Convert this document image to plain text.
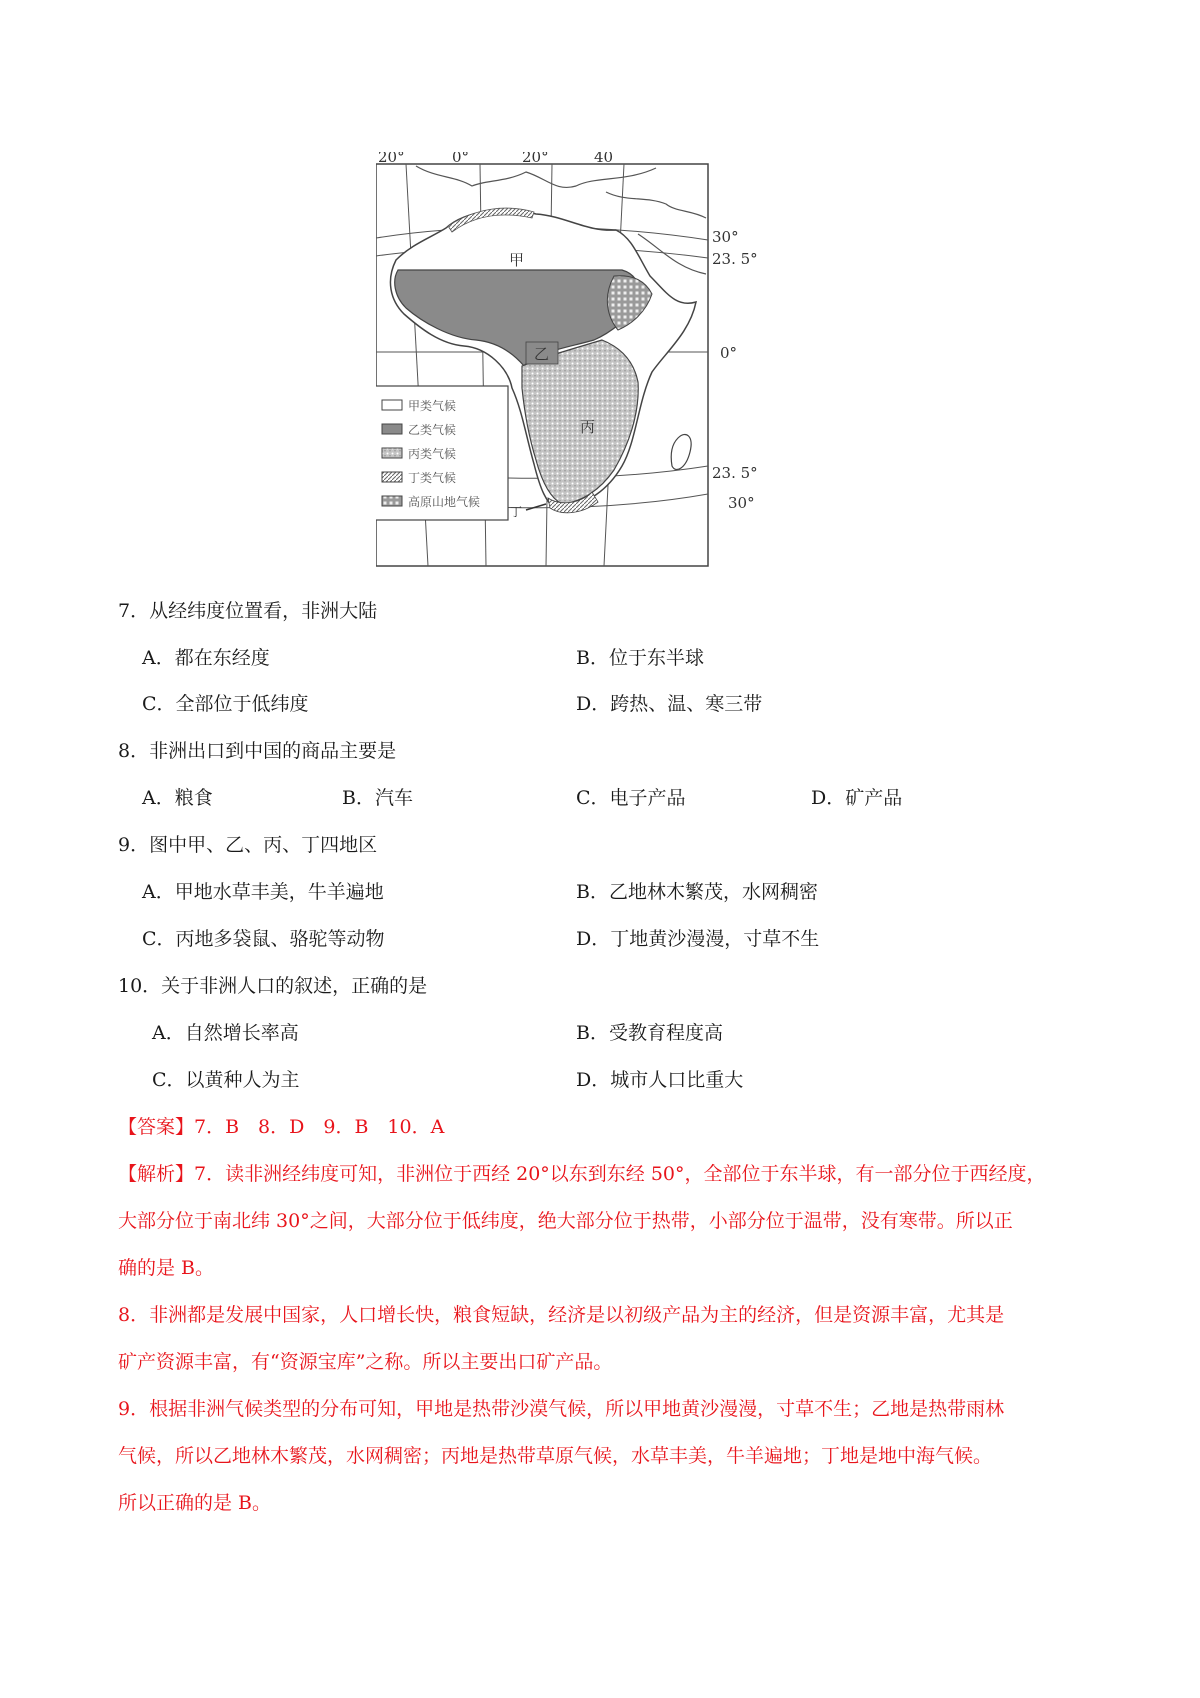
甲
乙
丙
丁
20°	0°	20°	40
30°
23. 5°
0°
23. 5°
30°
甲类气候
乙类气候
丙类气候
丁类气候
高原山地气候
7．从经纬度位置看，非洲大陆
A．都在东经度	B．位于东半球
C．全部位于低纬度	D．跨热、温、寒三带
8．非洲出口到中国的商品主要是
A．粮食	B．汽车	C．电子产品	D．矿产品
9．图中甲、乙、丙、丁四地区
A．甲地水草丰美，牛羊遍地	B．乙地林木繁茂，水网稠密
C．丙地多袋鼠、骆驼等动物	D．丁地黄沙漫漫，寸草不生
10．关于非洲人口的叙述，正确的是
A．自然增长率高	B．受教育程度高
C．以黄种人为主	D．城市人口比重大
【答案】7．B　8．D　9．B　10．A
【解析】7．读非洲经纬度可知，非洲位于西经 20°以东到东经 50°，全部位于东半球，有一部分位于西经度，
大部分位于南北纬 30°之间，大部分位于低纬度，绝大部分位于热带，小部分位于温带，没有寒带。所以正
确的是 B。
8．非洲都是发展中国家，人口增长快，粮食短缺，经济是以初级产品为主的经济，但是资源丰富，尤其是
矿产资源丰富，有“资源宝库”之称。所以主要出口矿产品。
9．根据非洲气候类型的分布可知，甲地是热带沙漠气候，所以甲地黄沙漫漫，寸草不生；乙地是热带雨林
气候，所以乙地林木繁茂，水网稠密；丙地是热带草原气候，水草丰美，牛羊遍地；丁地是地中海气候。
所以正确的是 B。
